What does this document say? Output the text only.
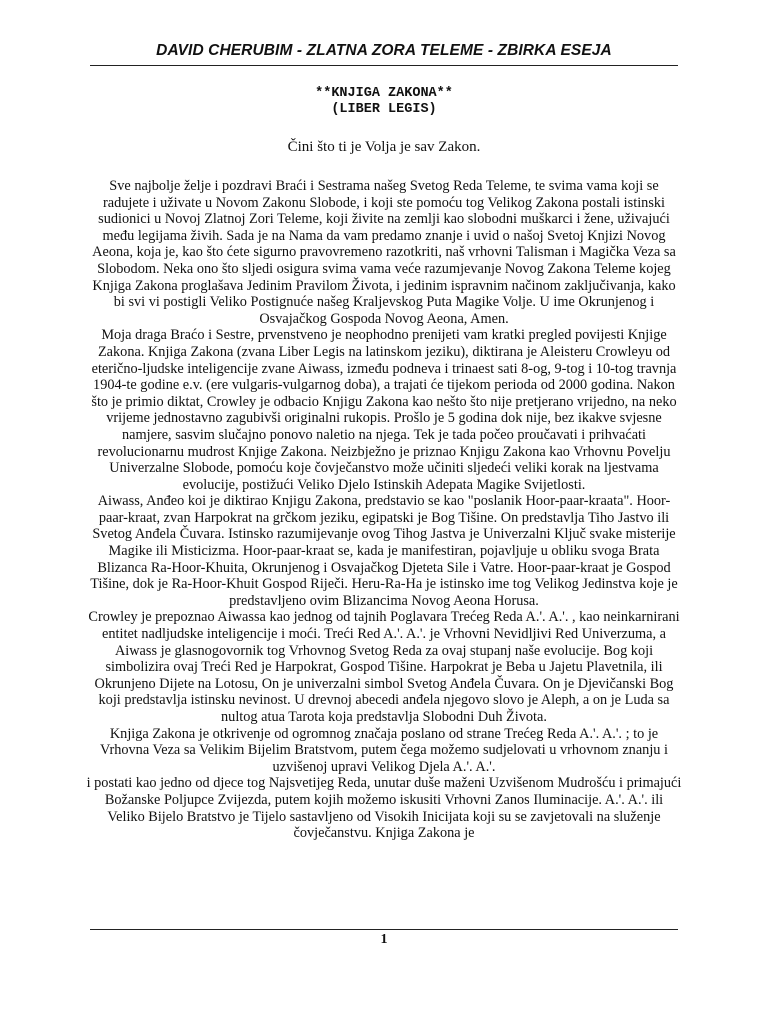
DAVID CHERUBIM - ZLATNA ZORA TELEME - ZBIRKA ESEJA

**KNJIGA ZAKONA**

(LIBER LEGIS)

Čini što ti je Volja je sav Zakon.

Sve najbolje želje i pozdravi Braći i Sestrama našeg Svetog Reda Teleme, te svima vama koji se radujete i uživate u Novom Zakonu Slobode, i koji ste pomoću tog Velikog Zakona postali istinski sudionici u Novoj Zlatnoj Zori Teleme, koji živite na zemlji kao slobodni muškarci i žene, uživajući među legijama živih. Sada je na Nama da vam predamo znanje i uvid o našoj Svetoj Knjizi Novog Aeona, koja je, kao što ćete sigurno pravovremeno razotkriti, naš vrhovni Talisman i Magička Veza sa Slobodom. Neka ono što sljedi osigura svima vama veće razumjevanje Novog Zakona Teleme kojeg Knjiga Zakona proglašava Jedinim Pravilom Života, i jedinim ispravnim načinom zaključivanja, kako bi svi vi postigli Veliko Postignuće našeg Kraljevskog Puta Magike Volje. U ime Okrunjenog i Osvajačkog Gospoda Novog Aeona, Amen.

Moja draga Braćo i Sestre, prvenstveno je neophodno prenijeti vam kratki pregled povijesti Knjige Zakona. Knjiga Zakona (zvana Liber Legis na latinskom jeziku), diktirana je Aleisteru Crowleyu od eterično-ljudske inteligencije zvane Aiwass, između podneva i trinaest sati 8-og, 9-tog i 10-tog travnja 1904-te godine e.v. (ere vulgaris-vulgarnog doba), a trajati će tijekom perioda od 2000 godina. Nakon što je primio diktat, Crowley je odbacio Knjigu Zakona kao nešto što nije pretjerano vrijedno, na neko vrijeme jednostavno zagubivši originalni rukopis. Prošlo je 5 godina dok nije, bez ikakve svjesne namjere, sasvim slučajno ponovo naletio na njega. Tek je tada počeo proučavati i prihvaćati revolucionarnu mudrost Knjige Zakona. Neizbježno je priznao Knjigu Zakona kao Vrhovnu Povelju Univerzalne Slobode, pomoću koje čovječanstvo može učiniti sljedeći veliki korak na ljestvama evolucije, postižući Veliko Djelo Istinskih Adepata Magike Svijetlosti.

Aiwass, Anđeo koi je diktirao Knjigu Zakona, predstavio se kao "poslanik Hoor-paar-kraata". Hoor-paar-kraat, zvan Harpokrat na grčkom jeziku, egipatski je Bog Tišine. On predstavlja Tiho Jastvo ili Svetog Anđela Čuvara. Istinsko razumijevanje ovog Tihog Jastva je Univerzalni Ključ svake misterije Magike ili Misticizma. Hoor-paar-kraat se, kada je manifestiran, pojavljuje u obliku svoga Brata Blizanca Ra-Hoor-Khuita, Okrunjenog i Osvajačkog Djeteta Sile i Vatre. Hoor-paar-kraat je Gospod Tišine, dok je Ra-Hoor-Khuit Gospod Riječi. Heru-Ra-Ha je istinsko ime tog Velikog Jedinstva koje je predstavljeno ovim Blizancima Novog Aeona Horusa.

Crowley je prepoznao Aiwassa kao jednog od tajnih Poglavara Trećeg Reda A.'. A.'. , kao neinkarnirani entitet nadljudske inteligencije i moći. Treći Red A.'. A.'. je Vrhovni Nevidljivi Red Univerzuma, a Aiwass je glasnogovornik tog Vrhovnog Svetog Reda za ovaj stupanj naše evolucije. Bog koji simbolizira ovaj Treći Red je Harpokrat, Gospod Tišine. Harpokrat je Beba u Jajetu Plavetnila, ili Okrunjeno Dijete na Lotosu, On je univerzalni simbol Svetog Anđela Čuvara. On je Djevičanski Bog koji predstavlja istinsku nevinost. U drevnoj abecedi anđela njegovo slovo je Aleph, a on je Luda sa nultog atua Tarota koja predstavlja Slobodni Duh Života.

Knjiga Zakona je otkrivenje od ogromnog značaja poslano od strane Trećeg Reda A.'. A.'. ; to je Vrhovna Veza sa Velikim Bijelim Bratstvom, putem čega možemo sudjelovati u vrhovnom znanju i uzvišenoj upravi Velikog Djela A.'. A.'.

i postati kao jedno od djece tog Najsvetijeg Reda, unutar duše maženi Uzvišenom Mudrošću i primajući Božanske Poljupce Zvijezda, putem kojih možemo iskusiti Vrhovni Zanos Iluminacije. A.'. A.'. ili Veliko Bijelo Bratstvo je Tijelo sastavljeno od Visokih Inicijata koji su se zavjetovali na služenje čovječanstvu. Knjiga Zakona je

1
